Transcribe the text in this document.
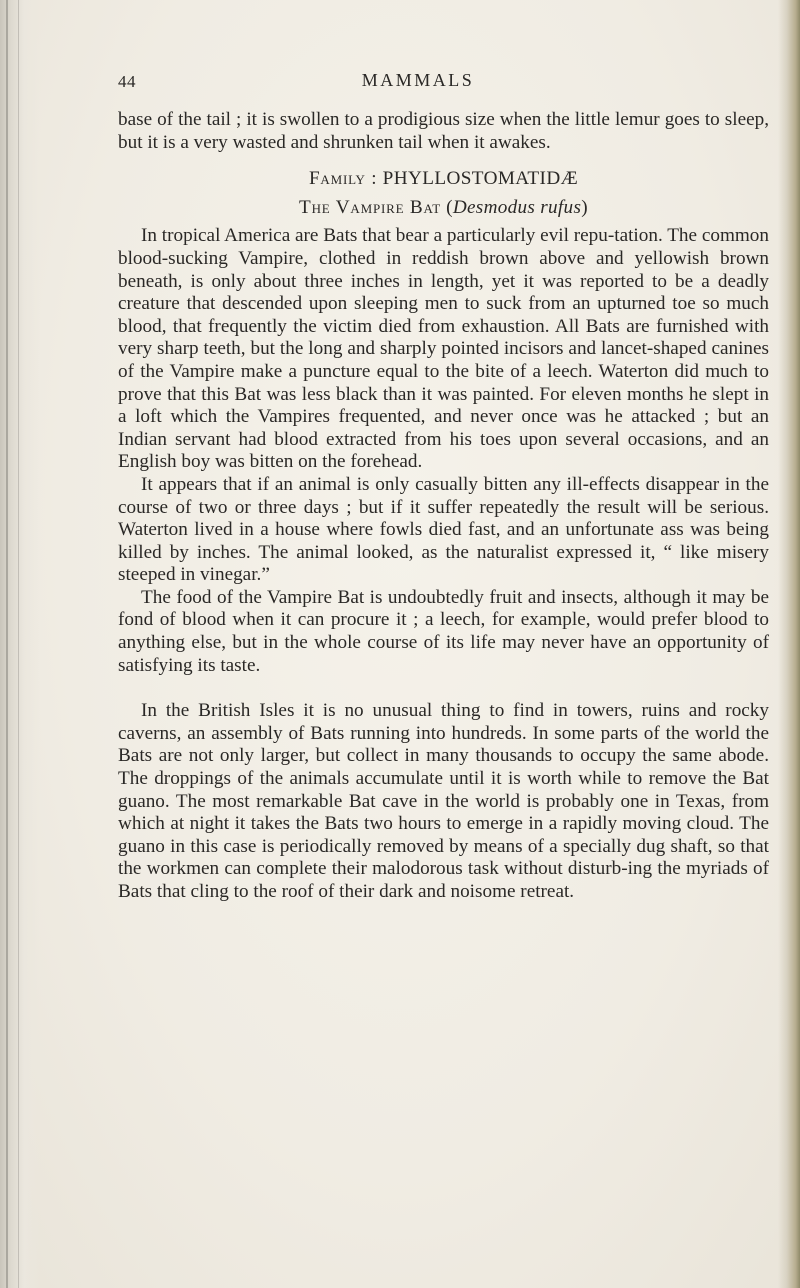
44	MAMMALS

base of the tail ; it is swollen to a prodigious size when the little lemur goes to sleep, but it is a very wasted and shrunken tail when it awakes.

Family : PHYLLOSTOMATIDÆ
The Vampire Bat (Desmodus rufus)

In tropical America are Bats that bear a particularly evil repu-tation. The common blood-sucking Vampire, clothed in reddish brown above and yellowish brown beneath, is only about three inches in length, yet it was reported to be a deadly creature that descended upon sleeping men to suck from an upturned toe so much blood, that frequently the victim died from exhaustion. All Bats are furnished with very sharp teeth, but the long and sharply pointed incisors and lancet-shaped canines of the Vampire make a puncture equal to the bite of a leech. Waterton did much to prove that this Bat was less black than it was painted. For eleven months he slept in a loft which the Vampires frequented, and never once was he attacked ; but an Indian servant had blood extracted from his toes upon several occasions, and an English boy was bitten on the forehead.

It appears that if an animal is only casually bitten any ill-effects disappear in the course of two or three days ; but if it suffer repeatedly the result will be serious. Waterton lived in a house where fowls died fast, and an unfortunate ass was being killed by inches. The animal looked, as the naturalist expressed it, “ like misery steeped in vinegar.”

The food of the Vampire Bat is undoubtedly fruit and insects, although it may be fond of blood when it can procure it ; a leech, for example, would prefer blood to anything else, but in the whole course of its life may never have an opportunity of satisfying its taste.

In the British Isles it is no unusual thing to find in towers, ruins and rocky caverns, an assembly of Bats running into hundreds. In some parts of the world the Bats are not only larger, but collect in many thousands to occupy the same abode. The droppings of the animals accumulate until it is worth while to remove the Bat guano. The most remarkable Bat cave in the world is probably one in Texas, from which at night it takes the Bats two hours to emerge in a rapidly moving cloud. The guano in this case is periodically removed by means of a specially dug shaft, so that the workmen can complete their malodorous task without disturb-ing the myriads of Bats that cling to the roof of their dark and noisome retreat.
